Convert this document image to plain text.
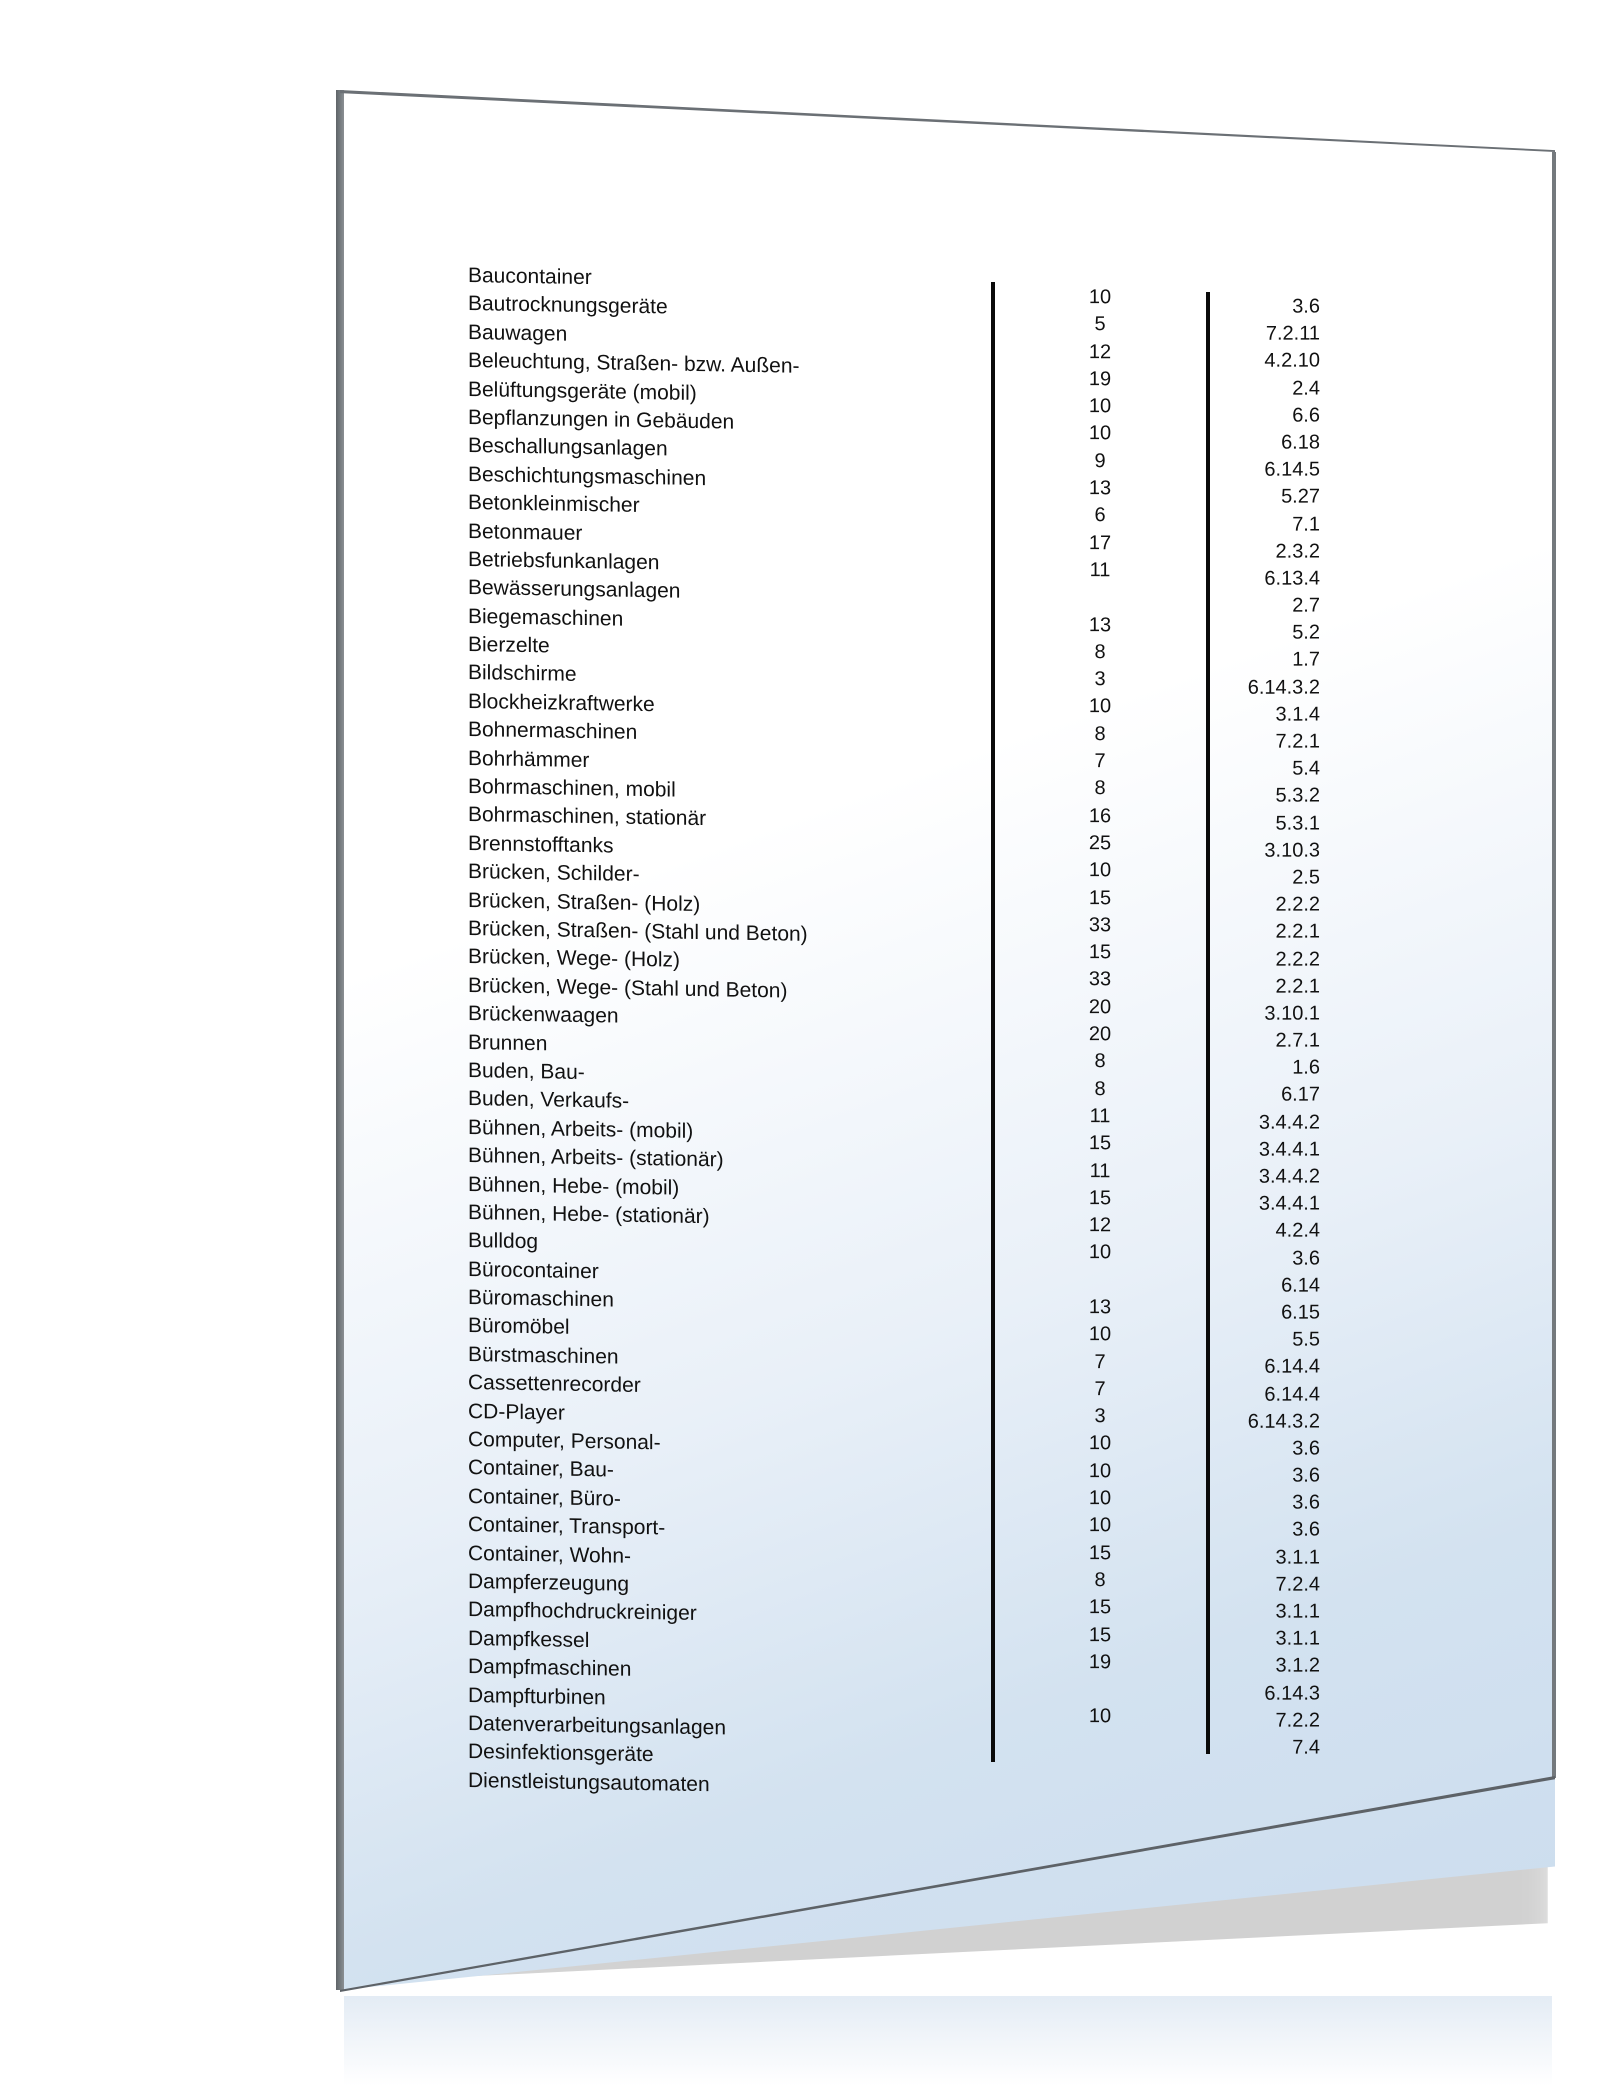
Baucontainer
Bautrocknungsgeräte
Bauwagen
Beleuchtung, Straßen- bzw. Außen-
Belüftungsgeräte (mobil)
Bepflanzungen in Gebäuden
Beschallungsanlagen
Beschichtungsmaschinen
Betonkleinmischer
Betonmauer
Betriebsfunkanlagen
Bewässerungsanlagen
Biegemaschinen
Bierzelte
Bildschirme
Blockheizkraftwerke
Bohnermaschinen
Bohrhämmer
Bohrmaschinen, mobil
Bohrmaschinen, stationär
Brennstofftanks
Brücken, Schilder-
Brücken, Straßen- (Holz)
Brücken, Straßen- (Stahl und Beton)
Brücken, Wege- (Holz)
Brücken, Wege- (Stahl und Beton)
Brückenwaagen
Brunnen
Buden, Bau-
Buden, Verkaufs-
Bühnen, Arbeits- (mobil)
Bühnen, Arbeits- (stationär)
Bühnen, Hebe- (mobil)
Bühnen, Hebe- (stationär)
Bulldog
Bürocontainer
Büromaschinen
Büromöbel
Bürstmaschinen
Cassettenrecorder
CD-Player
Computer, Personal-
Container, Bau-
Container, Büro-
Container, Transport-
Container, Wohn-
Dampferzeugung
Dampfhochdruckreiniger
Dampfkessel
Dampfmaschinen
Dampfturbinen
Datenverarbeitungsanlagen
Desinfektionsgeräte
Dienstleistungsautomaten
10
5
12
19
10
10
9
13
6
17
11
13
8
3
10
8
7
8
16
25
10
15
33
15
33
20
20
8
8
11
15
11
15
12
10
13
10
7
7
3
10
10
10
10
15
8
15
15
19
10
3.6
7.2.11
4.2.10
2.4
6.6
6.18
6.14.5
5.27
7.1
2.3.2
6.13.4
2.7
5.2
1.7
6.14.3.2
3.1.4
7.2.1
5.4
5.3.2
5.3.1
3.10.3
2.5
2.2.2
2.2.1
2.2.2
2.2.1
3.10.1
2.7.1
1.6
6.17
3.4.4.2
3.4.4.1
3.4.4.2
3.4.4.1
4.2.4
3.6
6.14
6.15
5.5
6.14.4
6.14.4
6.14.3.2
3.6
3.6
3.6
3.6
3.1.1
7.2.4
3.1.1
3.1.1
3.1.2
6.14.3
7.2.2
7.4
